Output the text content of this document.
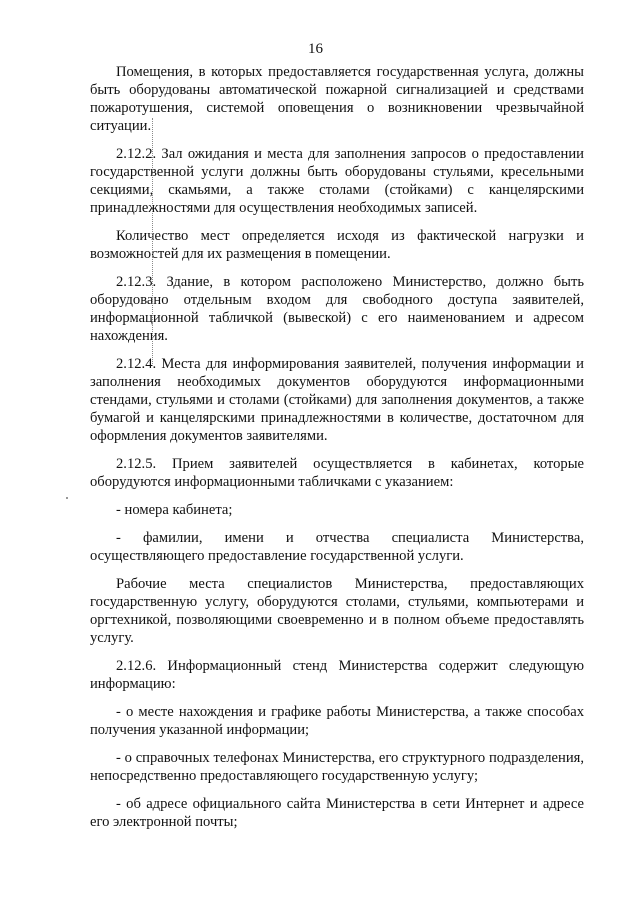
16

Помещения, в которых предоставляется государственная услуга, должны быть оборудованы автоматической пожарной сигнализацией и средствами пожаротушения, системой оповещения о возникновении чрезвычайной ситуации.

2.12.2. Зал ожидания и места для заполнения запросов о предоставлении государственной услуги должны быть оборудованы стульями, кресельными секциями, скамьями, а также столами (стойками) с канцелярскими принадлежностями для осуществления необходимых записей.

Количество мест определяется исходя из фактической нагрузки и возможностей для их размещения в помещении.

2.12.3. Здание, в котором расположено Министерство, должно быть оборудовано отдельным входом для свободного доступа заявителей, информационной табличкой (вывеской) с его наименованием и адресом нахождения.

2.12.4. Места для информирования заявителей, получения информации и заполнения необходимых документов оборудуются информационными стендами, стульями и столами (стойками) для заполнения документов, а также бумагой и канцелярскими принадлежностями в количестве, достаточном для оформления документов заявителями.

2.12.5. Прием заявителей осуществляется в кабинетах, которые оборудуются информационными табличками с указанием:

- номера кабинета;

- фамилии, имени и отчества специалиста Министерства, осуществляющего предоставление государственной услуги.

Рабочие места специалистов Министерства, предоставляющих государственную услугу, оборудуются столами, стульями, компьютерами и оргтехникой, позволяющими своевременно и в полном объеме предоставлять услугу.

2.12.6. Информационный стенд Министерства содержит следующую информацию:

- о месте нахождения и графике работы Министерства, а также способах получения указанной информации;

- о справочных телефонах Министерства, его структурного подразделения, непосредственно предоставляющего государственную услугу;

- об адресе официального сайта Министерства в сети Интернет и адресе его электронной почты;
